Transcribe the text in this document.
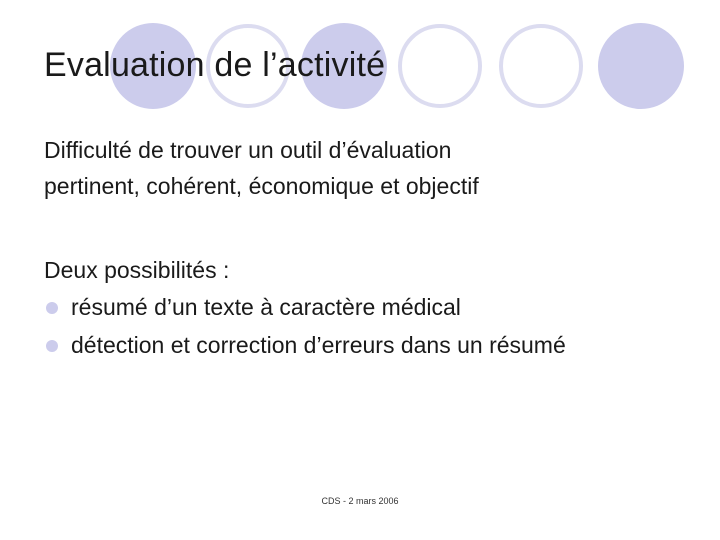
Evaluation de l’activité

Difficulté de trouver un outil d’évaluation
pertinent, cohérent, économique et objectif

Deux possibilités :

résumé d’un texte à caractère médical
détection et correction d’erreurs dans un résumé

CDS - 2 mars 2006
